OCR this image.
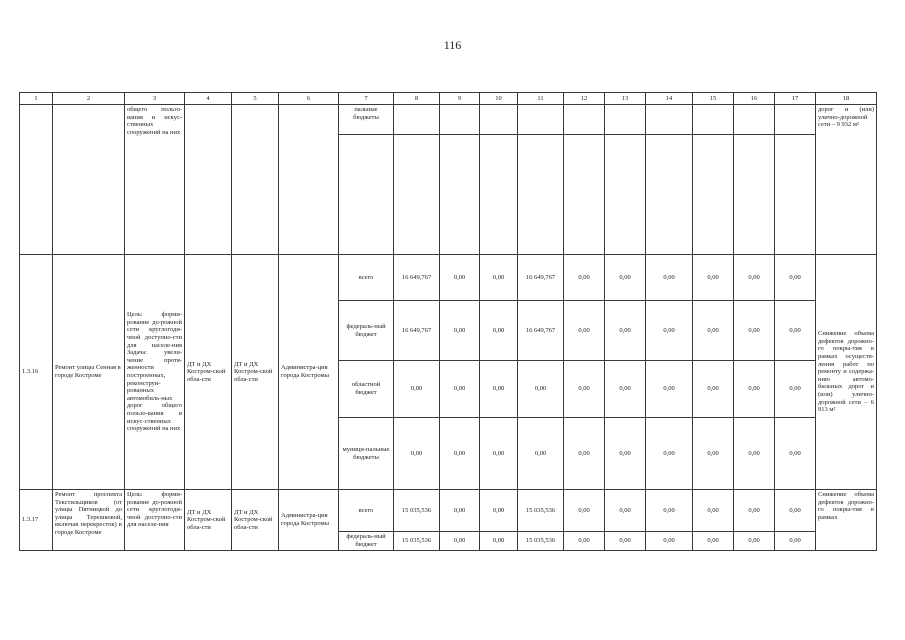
116
1	2	3	4	5	6	7	8	9	10	11	12	13	14	15	16	17	18
		общего пользо-вания и искус-ственных сооружений на них				пальные бюджеты											дорог и (или) улично-дорожной сети – 9 932 м²

1.3.16	Ремонт улицы Сенная в городе Костроме	Цель: форми-рование до-рожной сети круглогоди-чной доступно-сти для населе-ния Задача: увели-чение протя-женности построенных, реконструи-рованных автомобиль-ных дорог общего пользо-вания и искус-ственных сооружений на них	ДТ и ДХ Костром-ской обла-сти	ДТ и ДХ Костром-ской обла-сти	Администра-ция города Костромы	всего	16 649,767	0,00	0,00	16 649,767	0,00	0,00	0,00	0,00	0,00	0,00	Снижение объема дефектов дорожно-го покры-тия в рамках осуществ-ления работ по ремонту и содержа-нию автомо-бильных дорог и (или) улично-дорожной сети – 6 913 м²
						федераль-ный бюджет	16 649,767	0,00	0,00	16 649,767	0,00	0,00	0,00	0,00	0,00	0,00	
						областной бюджет	0,00	0,00	0,00	0,00	0,00	0,00	0,00	0,00	0,00	0,00	
						муници-пальные бюджеты	0,00	0,00	0,00	0,00	0,00	0,00	0,00	0,00	0,00	0,00	
1.3.17	Ремонт проспекта Текстильщиков (от улицы Пятницкой до улицы Терешковой, включая перекресток) в городе Костроме	Цель: форми-рование до-рожной сети круглогоди-чной доступно-сти для населе-ния	ДТ и ДХ Костром-ской обла-сти	ДТ и ДХ Костром-ской обла-сти	Администра-ция города Костромы	всего	15 035,536	0,00	0,00	15 035,536	0,00	0,00	0,00	0,00	0,00	0,00	Снижение объема дефектов дорожно-го покры-тия в рамках
						федераль-ный бюджет	15 035,536	0,00	0,00	15 035,536	0,00	0,00	0,00	0,00	0,00	0,00	
